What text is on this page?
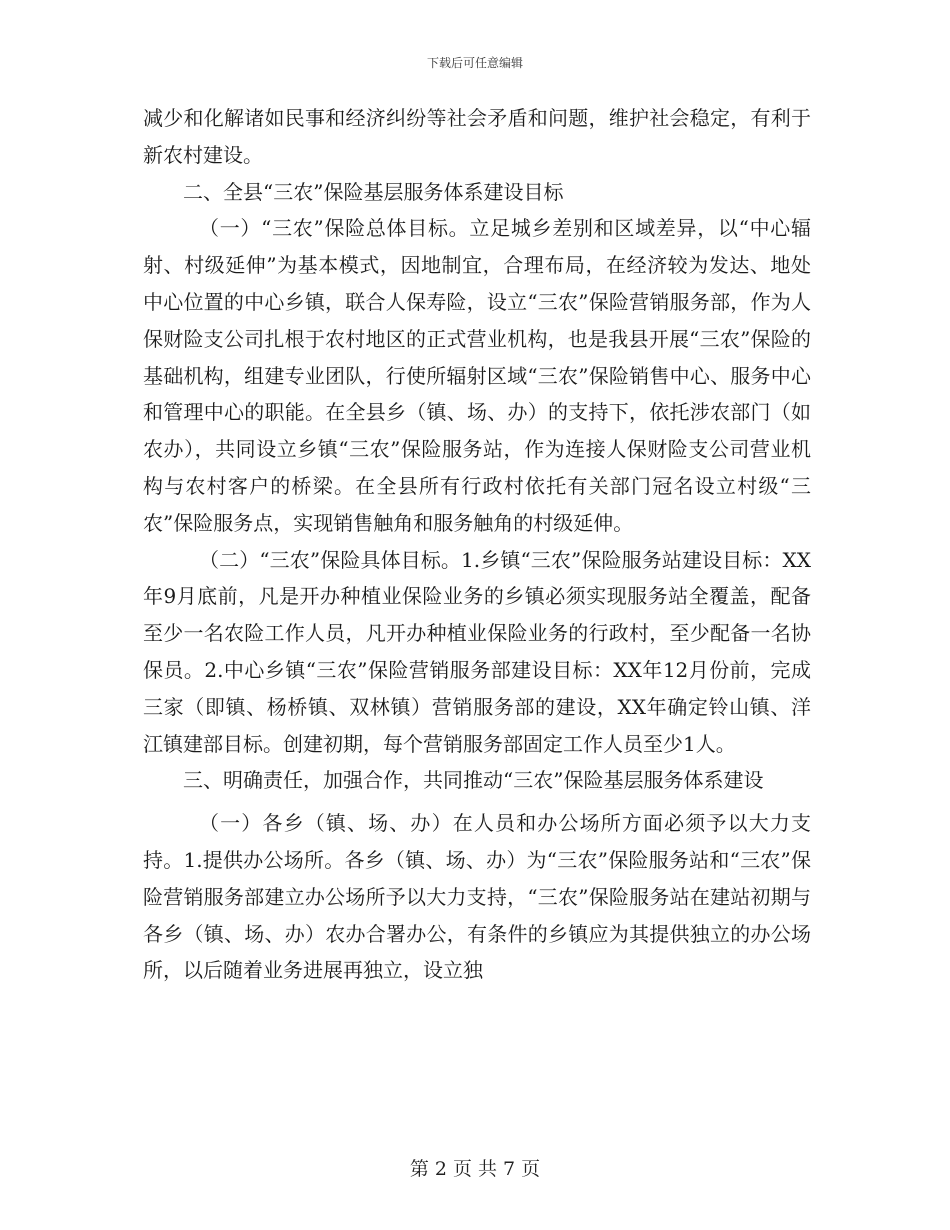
下载后可任意编辑

减少和化解诸如民事和经济纠纷等社会矛盾和问题，维护社会稳定，有利于新农村建设。

二、全县“三农”保险基层服务体系建设目标

（一）“三农”保险总体目标。立足城乡差别和区域差异，以“中心辐射、村级延伸”为基本模式，因地制宜，合理布局，在经济较为发达、地处中心位置的中心乡镇，联合人保寿险，设立“三农”保险营销服务部，作为人保财险支公司扎根于农村地区的正式营业机构，也是我县开展“三农”保险的基础机构，组建专业团队，行使所辐射区域“三农”保险销售中心、服务中心和管理中心的职能。在全县乡（镇、场、办）的支持下，依托涉农部门（如农办），共同设立乡镇“三农”保险服务站，作为连接人保财险支公司营业机构与农村客户的桥梁。在全县所有行政村依托有关部门冠名设立村级“三农”保险服务点，实现销售触角和服务触角的村级延伸。

（二）“三农”保险具体目标。1.乡镇“三农”保险服务站建设目标：XX年9月底前，凡是开办种植业保险业务的乡镇必须实现服务站全覆盖，配备至少一名农险工作人员，凡开办种植业保险业务的行政村，至少配备一名协保员。2.中心乡镇“三农”保险营销服务部建设目标：XX年12月份前，完成三家（即镇、杨桥镇、双林镇）营销服务部的建设，XX年确定铃山镇、洋江镇建部目标。创建初期，每个营销服务部固定工作人员至少1人。

三、明确责任，加强合作，共同推动“三农”保险基层服务体系建设

（一）各乡（镇、场、办）在人员和办公场所方面必须予以大力支持。1.提供办公场所。各乡（镇、场、办）为“三农”保险服务站和“三农”保险营销服务部建立办公场所予以大力支持，“三农”保险服务站在建站初期与各乡（镇、场、办）农办合署办公，有条件的乡镇应为其提供独立的办公场所，以后随着业务进展再独立，设立独

第 2 页 共 7 页
